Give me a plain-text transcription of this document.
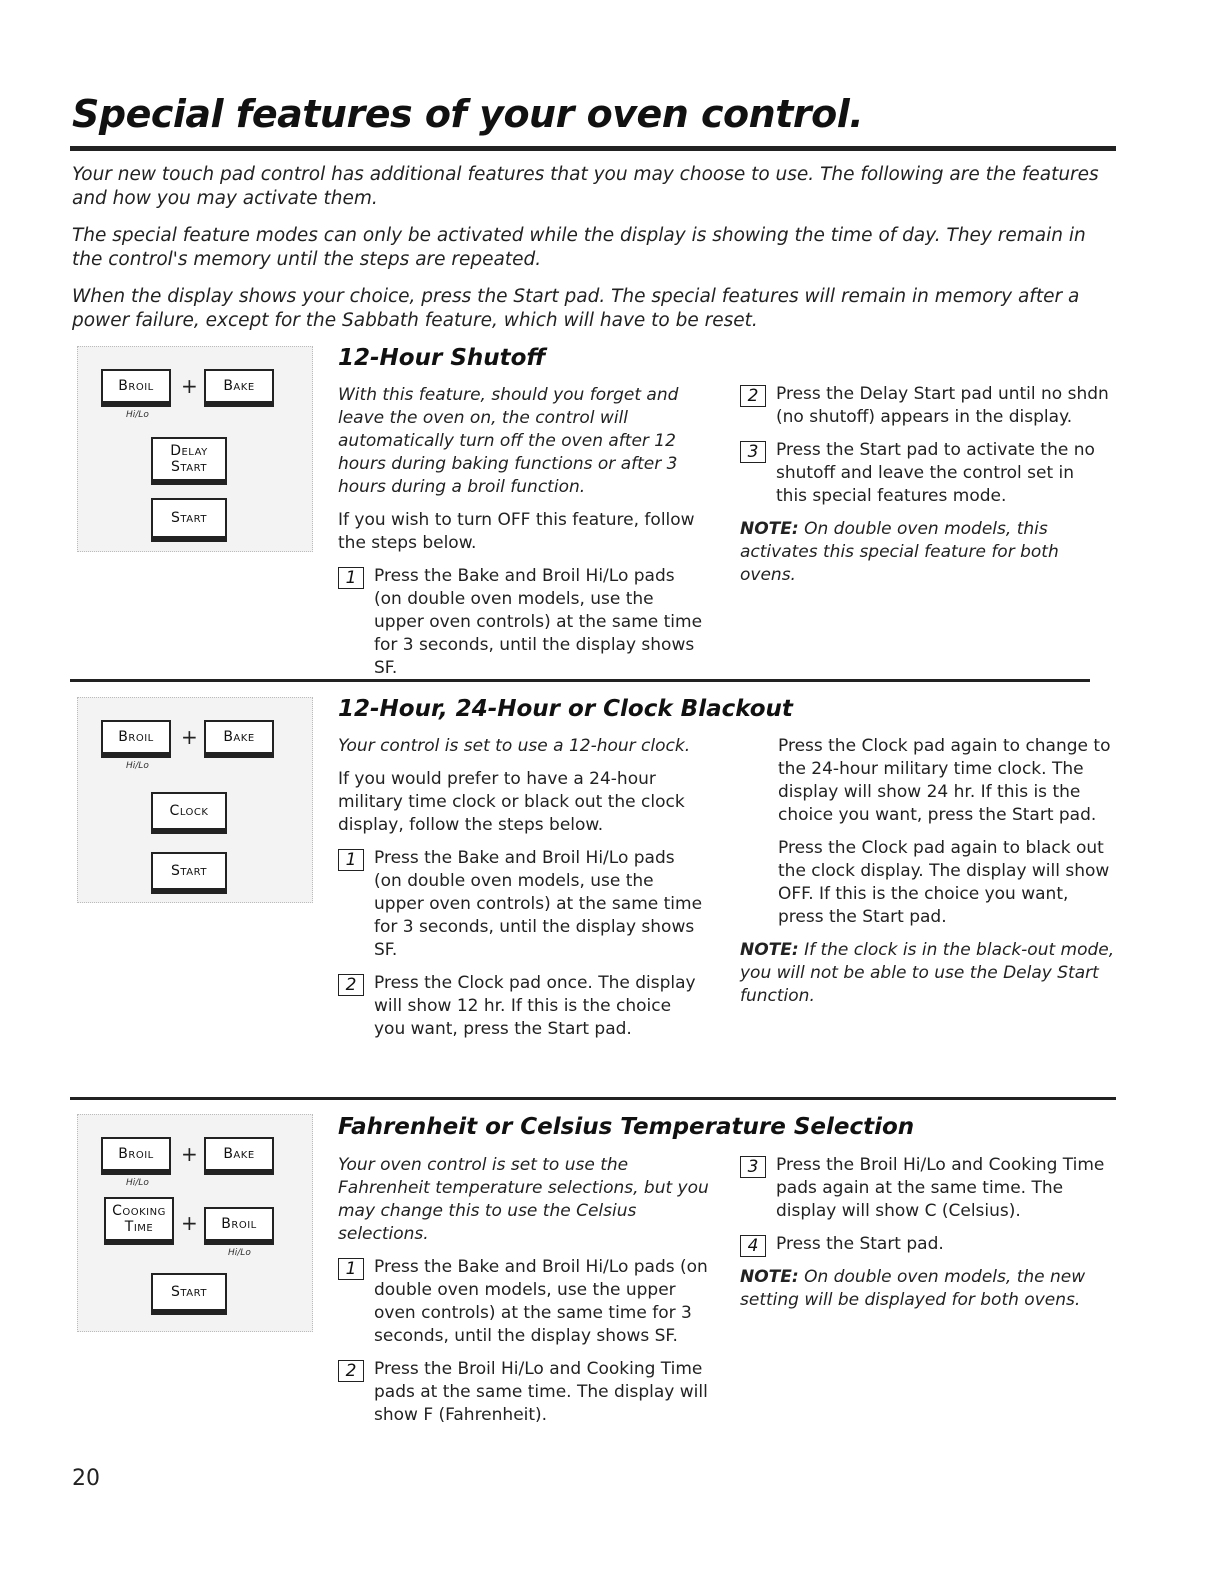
Special features of your oven control.

Your new touch pad control has additional features that you may choose to use. The following are the features and how you may activate them.

The special feature modes can only be activated while the display is showing the time of day. They remain in the control's memory until the steps are repeated.

When the display shows your choice, press the Start pad. The special features will remain in memory after a power failure, except for the Sabbath feature, which will have to be reset.

Broil	+	Bake
Hi/Lo
Delay
Start
Start
12-Hour Shutoff

With this feature, should you forget and leave the oven on, the control will automatically turn off the oven after 12 hours during baking functions or after 3 hours during a broil function.

If you wish to turn OFF this feature, follow the steps below.

1	Press the Bake and Broil Hi/Lo pads (on double oven models, use the upper oven controls) at the same time for 3 seconds, until the display shows SF.
2	Press the Delay Start pad until no shdn (no shutoff) appears in the display.
3	Press the Start pad to activate the no shutoff and leave the control set in this special features mode.

NOTE: On double oven models, this activates this special feature for both ovens.

Broil	+	Bake
Hi/Lo
Clock
Start
12-Hour, 24-Hour or Clock Blackout

Your control is set to use a 12-hour clock.

If you would prefer to have a 24-hour military time clock or black out the clock display, follow the steps below.

1	Press the Bake and Broil Hi/Lo pads (on double oven models, use the upper oven controls) at the same time for 3 seconds, until the display shows SF.
2	Press the Clock pad once. The display will show 12 hr. If this is the choice you want, press the Start pad.

Press the Clock pad again to change to the 24-hour military time clock. The display will show 24 hr. If this is the choice you want, press the Start pad.

Press the Clock pad again to black out the clock display. The display will show OFF. If this is the choice you want, press the Start pad.

NOTE: If the clock is in the black-out mode, you will not be able to use the Delay Start function.

Broil	+	Bake
Hi/Lo
Cooking
Time +	Broil
Hi/Lo
Start
Fahrenheit or Celsius Temperature Selection

Your oven control is set to use the Fahrenheit temperature selections, but you may change this to use the Celsius selections.

1	Press the Bake and Broil Hi/Lo pads (on double oven models, use the upper oven controls) at the same time for 3 seconds, until the display shows SF.
2	Press the Broil Hi/Lo and Cooking Time pads at the same time. The display will show F (Fahrenheit).
3	Press the Broil Hi/Lo and Cooking Time pads again at the same time. The display will show C (Celsius).
4	Press the Start pad.

NOTE: On double oven models, the new setting will be displayed for both ovens.

20
